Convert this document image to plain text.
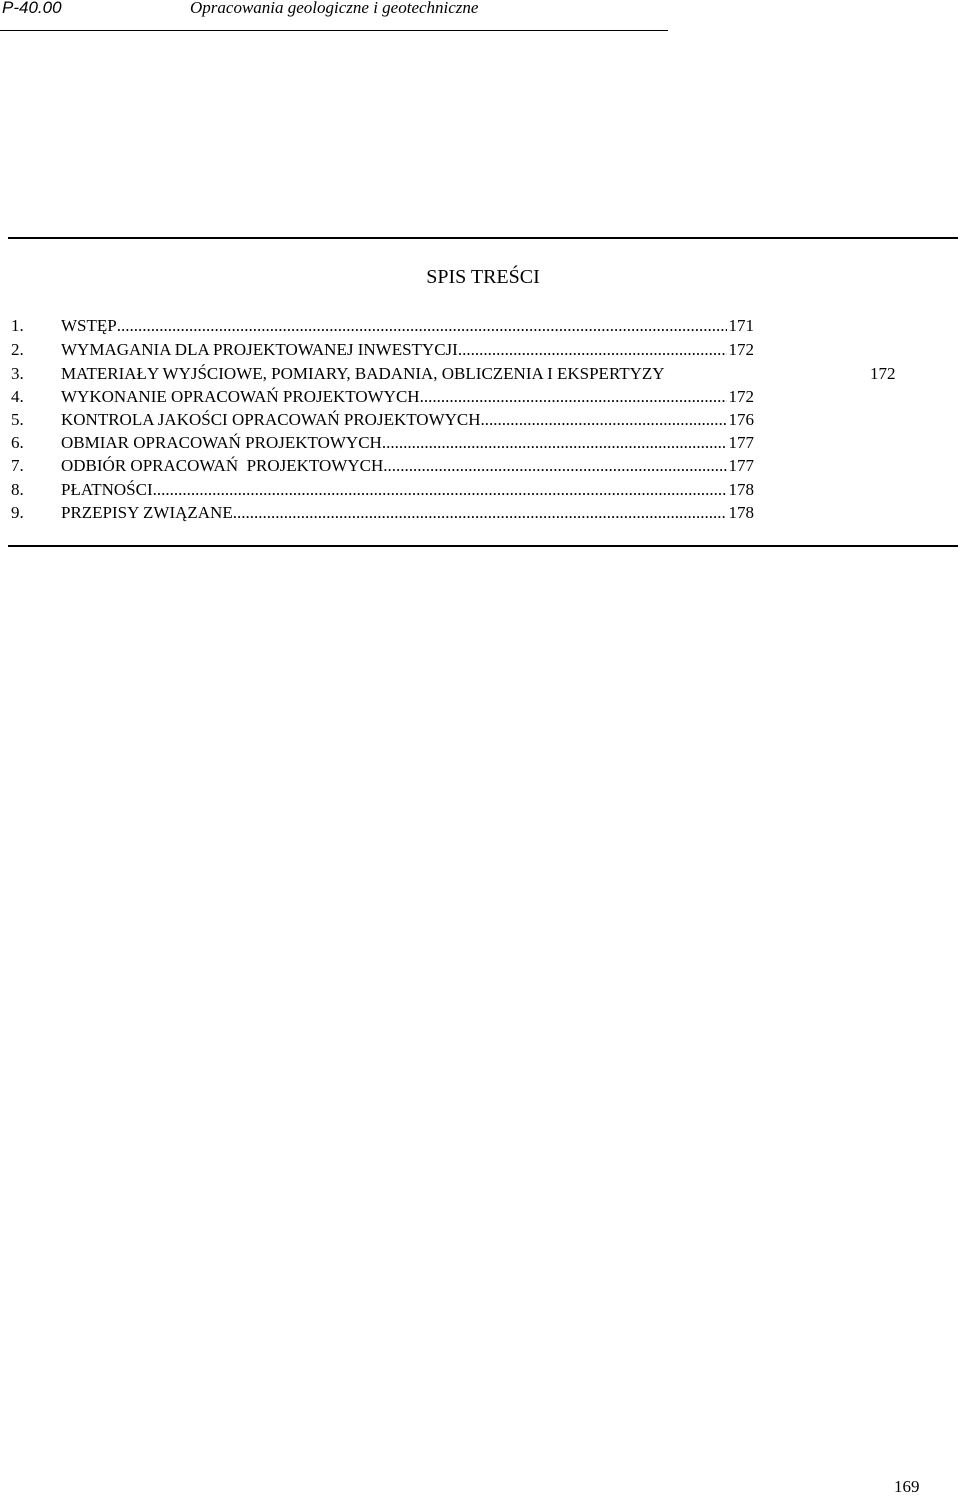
P-40.00	Opracowania geologiczne i geotechniczne
SPIS TREŚCI
1. WSTĘP .....	171
2. WYMAGANIA DLA PROJEKTOWANEJ INWESTYCJI .....	172
3. MATERIAŁY WYJŚCIOWE, POMIARY, BADANIA, OBLICZENIA I EKSPERTYZY	172
4. WYKONANIE OPRACOWAŃ PROJEKTOWYCH .....	172
5. KONTROLA JAKOŚCI OPRACOWAŃ PROJEKTOWYCH .....	176
6. OBMIAR OPRACOWAŃ PROJEKTOWYCH .....	177
7. ODBIÓR OPRACOWAŃ  PROJEKTOWYCH .....	177
8. PŁATNOŚCI .....	178
9. PRZEPISY ZWIĄZANE .....	178
169
